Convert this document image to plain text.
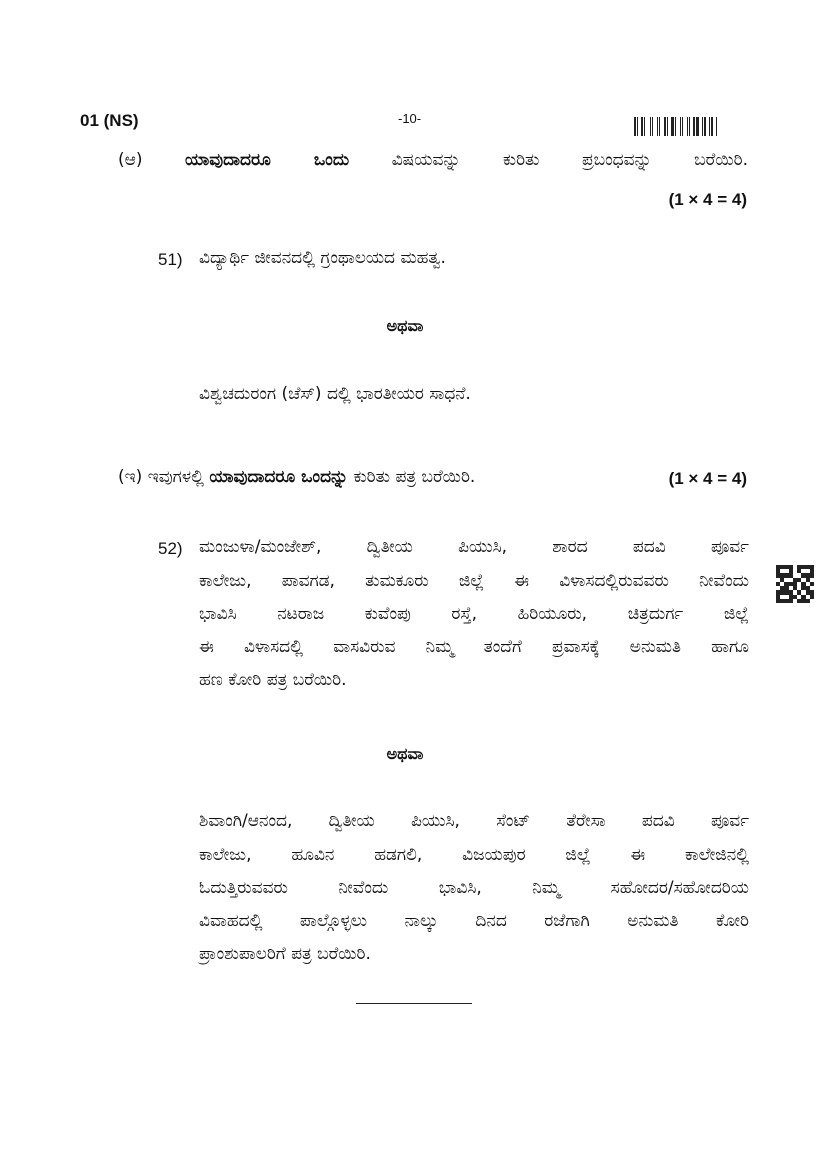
01 (NS)	-10-
(ಆ)	ಯಾವುದಾದರೂ ಒಂದು	ವಿಷಯವನ್ನು ಕುರಿತು ಪ್ರಬಂಧವನ್ನು ಬರೆಯಿರಿ.
(1 × 4 = 4)
51) ವಿದ್ಯಾರ್ಥಿ ಜೀವನದಲ್ಲಿ ಗ್ರಂಥಾಲಯದ ಮಹತ್ವ.
ಅಥವಾ
ವಿಶ್ವಚದುರಂಗ (ಚೆಸ್) ದಲ್ಲಿ ಭಾರತೀಯರ ಸಾಧನೆ.
(ಇ) ಇವುಗಳಲ್ಲಿ ಯಾವುದಾದರೂ ಒಂದನ್ನು ಕುರಿತು ಪತ್ರ ಬರೆಯಿರಿ.	(1 × 4 = 4)
52) ಮಂಜುಳಾ/ಮಂಜೇಶ್, ದ್ವಿತೀಯ ಪಿಯುಸಿ, ಶಾರದ ಪದವಿ ಪೂರ್ವ
ಕಾಲೇಜು, ಪಾವಗಡ, ತುಮಕೂರು ಜಿಲ್ಲೆ ಈ ವಿಳಾಸದಲ್ಲಿರುವವರು ನೀವೆಂದು
ಭಾವಿಸಿ ನಟರಾಜ ಕುವೆಂಪು ರಸ್ತೆ, ಹಿರಿಯೂರು, ಚಿತ್ರದುರ್ಗ ಜಿಲ್ಲೆ
ಈ ವಿಳಾಸದಲ್ಲಿ ವಾಸವಿರುವ ನಿಮ್ಮ ತಂದೆಗೆ ಪ್ರವಾಸಕ್ಕೆ ಅನುಮತಿ ಹಾಗೂ
ಹಣ ಕೋರಿ ಪತ್ರ ಬರೆಯಿರಿ.
ಅಥವಾ
ಶಿವಾಂಗಿ/ಆನಂದ, ದ್ವಿತೀಯ ಪಿಯುಸಿ, ಸೆಂಟ್ ತೆರೇಸಾ ಪದವಿ ಪೂರ್ವ
ಕಾಲೇಜು, ಹೂವಿನ ಹಡಗಲಿ, ವಿಜಯಪುರ ಜಿಲ್ಲೆ ಈ ಕಾಲೇಜಿನಲ್ಲಿ
ಓದುತ್ತಿರುವವರು ನೀವೆಂದು ಭಾವಿಸಿ, ನಿಮ್ಮ ಸಹೋದರ/ಸಹೋದರಿಯ
ವಿವಾಹದಲ್ಲಿ ಪಾಲ್ಗೊಳ್ಳಲು ನಾಲ್ಕು ದಿನದ ರಜೆಗಾಗಿ ಅನುಮತಿ ಕೋರಿ
ಪ್ರಾಂಶುಪಾಲರಿಗೆ ಪತ್ರ ಬರೆಯಿರಿ.
